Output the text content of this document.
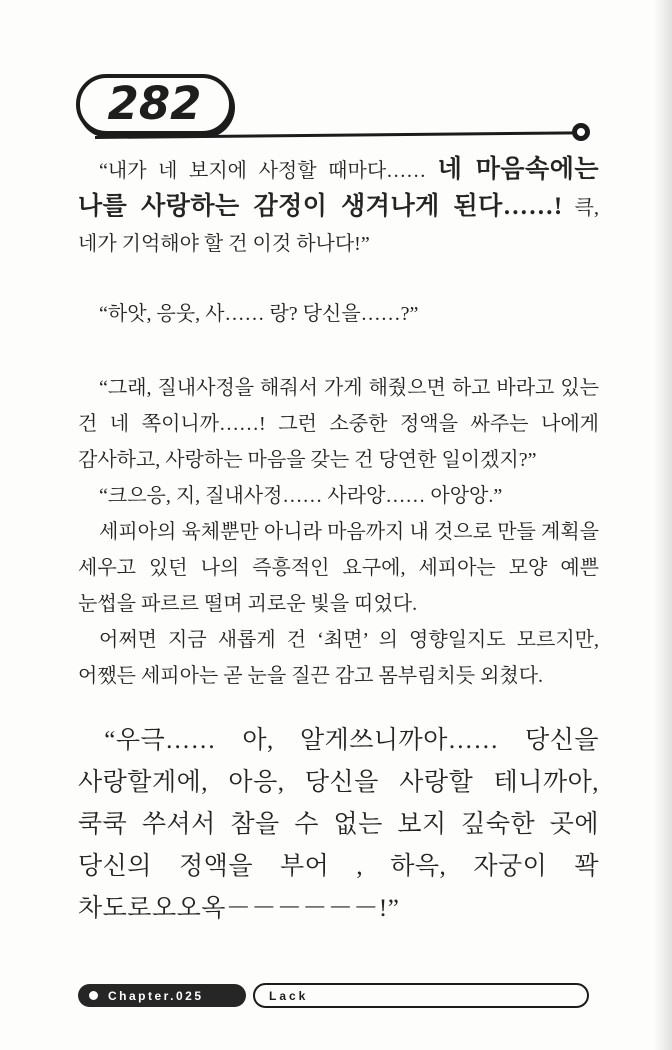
282

“내가 네 보지에 사정할 때마다…… 네 마음속에는 나를 사랑하는 감정이 생겨나게 된다……! 큭, 네가 기억해야 할 건 이것 하나다!”

“하앗, 응웃, 사…… 랑? 당신을……?”

“그래, 질내사정을 해줘서 가게 해줬으면 하고 바라고 있는 건 네 쪽이니까……! 그런 소중한 정액을 싸주는 나에게 감사하고, 사랑하는 마음을 갖는 건 당연한 일이겠지?”

“크으응, 지, 질내사정…… 사라앙…… 아앙앙.”

세피아의 육체뿐만 아니라 마음까지 내 것으로 만들 계획을 세우고 있던 나의 즉흥적인 요구에, 세피아는 모양 예쁜 눈썹을 파르르 떨며 괴로운 빛을 띠었다.

어쩌면 지금 새롭게 건 ‘최면’ 의 영향일지도 모르지만, 어쨌든 세피아는 곧 눈을 질끈 감고 몸부림치듯 외쳤다.

“우극…… 아, 알게쓰니까아…… 당신을 사랑할게에, 아응, 당신을 사랑할 테니까아, 쿡쿡 쑤셔서 참을 수 없는 보지 깊숙한 곳에 당신의 정액을 부어 , 하윽, 자궁이 꽉 차도로오오옥－－－－－－!”

Chapter.025	Lack
